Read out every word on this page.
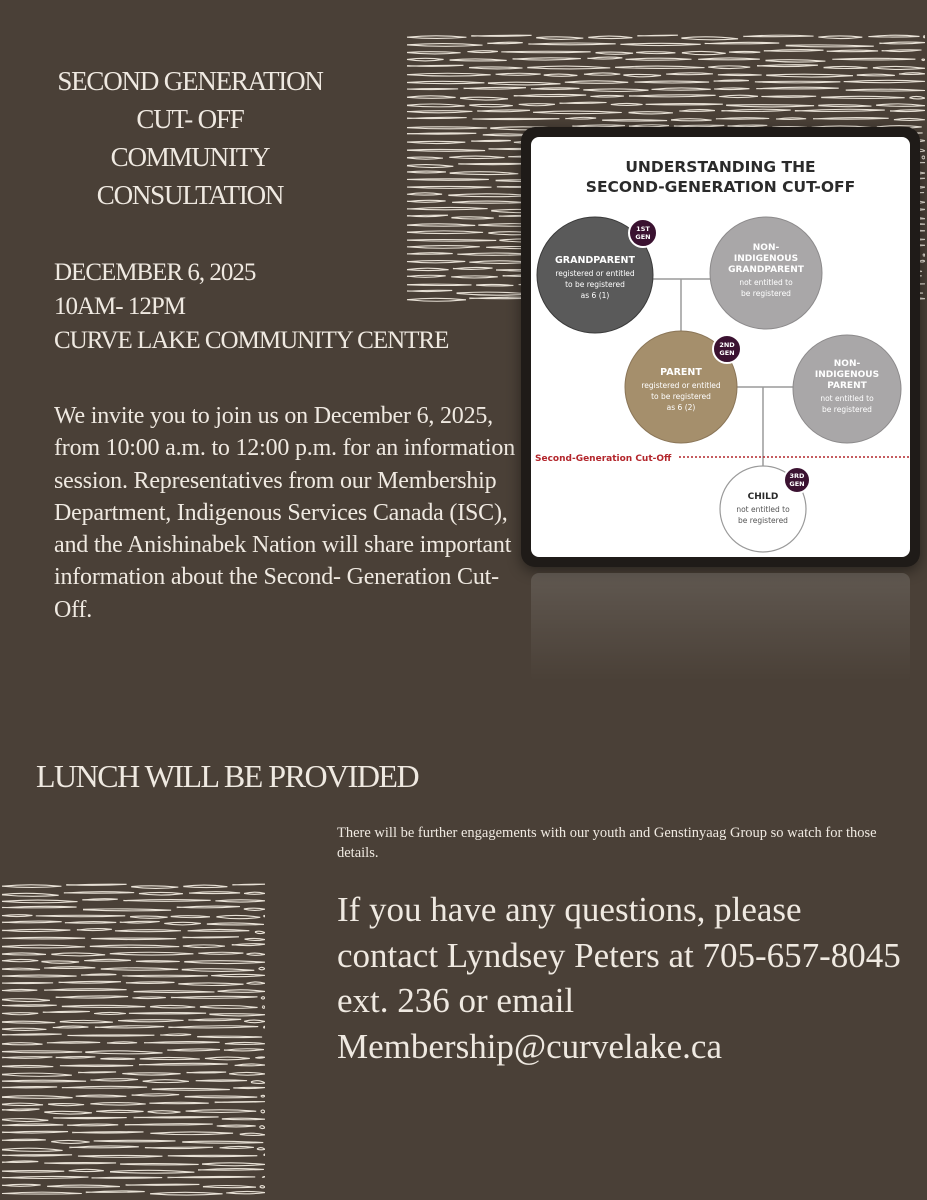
SECOND GENERATION
CUT- OFF
COMMUNITY
CONSULTATION
DECEMBER 6, 2025
10AM- 12PM
CURVE LAKE COMMUNITY CENTRE
We invite you to join us on December 6, 2025, from 10:00 a.m. to 12:00 p.m. for an information session. Representatives from our Membership Department, Indigenous Services Canada (ISC), and the Anishinabek Nation will share important information about the Second- Generation Cut- Off.
LUNCH WILL BE PROVIDED
There will be further engagements with our youth and Genstinyaag Group so watch for those details.
If you have any questions, please contact Lyndsey Peters at 705-657-8045 ext. 236 or email Membership@curvelake.ca
UNDERSTANDING THE
SECOND-GENERATION CUT-OFF
Second-Generation Cut-Off
GRANDPARENT
registered or entitled
to be registered
as 6 (1)
1ST
GEN
NON-
INDIGENOUS
GRANDPARENT
not entitled to
be registered
PARENT
registered or entitled
to be registered
as 6 (2)
2ND
GEN
NON-
INDIGENOUS
PARENT
not entitled to
be registered
CHILD
not entitled to
be registered
3RD
GEN
